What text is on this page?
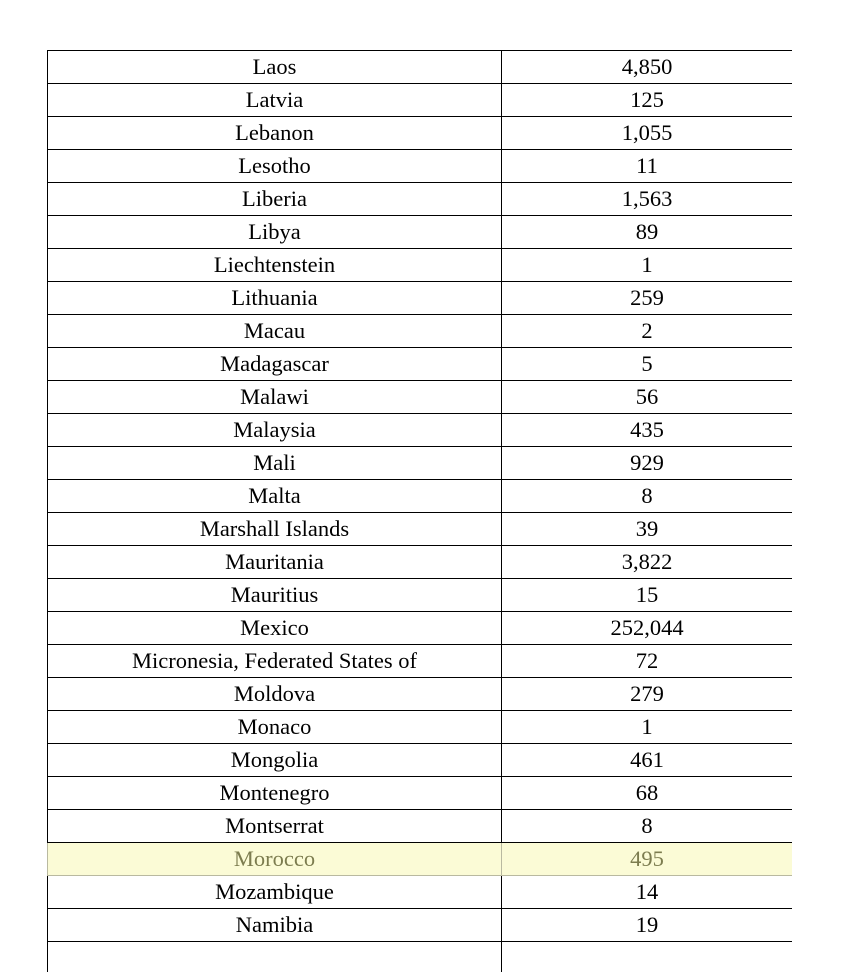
Laos	4,850
Latvia	125
Lebanon	1,055
Lesotho	11
Liberia	1,563
Libya	89
Liechtenstein	1
Lithuania	259
Macau	2
Madagascar	5
Malawi	56
Malaysia	435
Mali	929
Malta	8
Marshall Islands	39
Mauritania	3,822
Mauritius	15
Mexico	252,044
Micronesia, Federated States of	72
Moldova	279
Monaco	1
Mongolia	461
Montenegro	68
Montserrat	8
Morocco	495
Mozambique	14
Namibia	19
